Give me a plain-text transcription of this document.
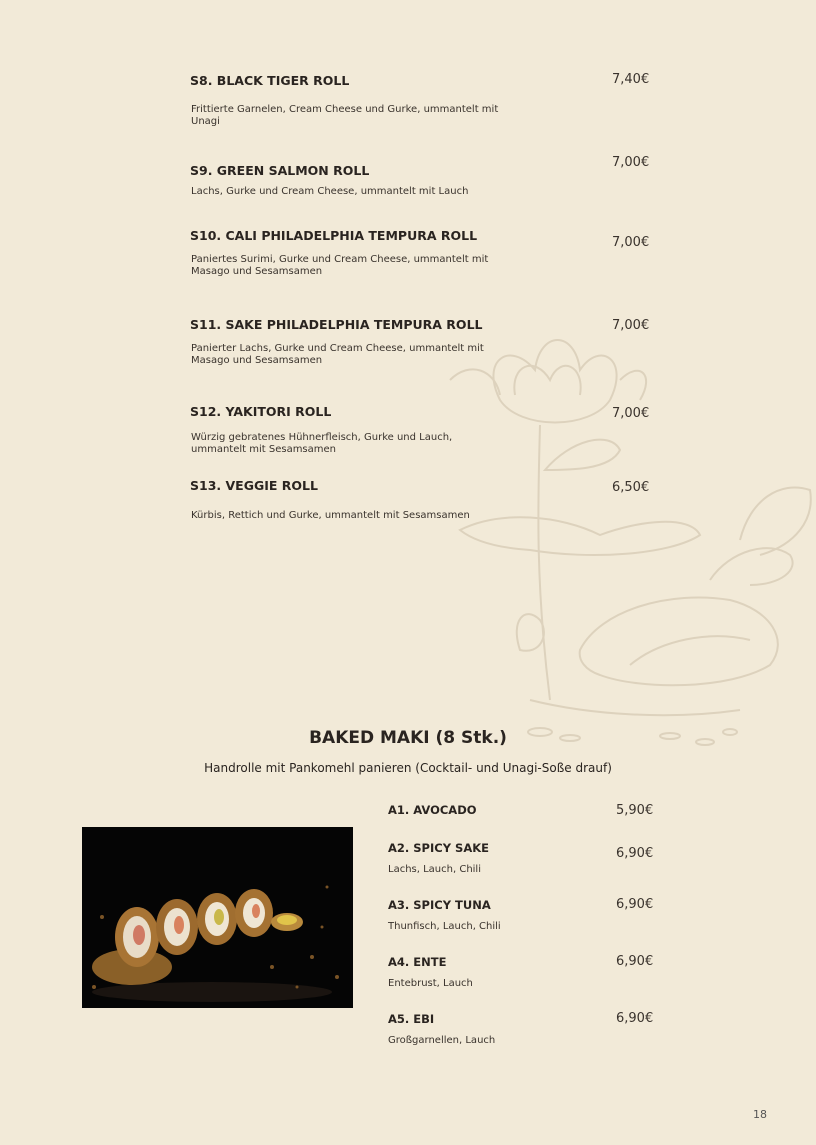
S8. BLACK TIGER ROLL
Frittierte Garnelen, Cream Cheese und Gurke, ummantelt mit Unagi
7,40€
S9. GREEN SALMON ROLL
Lachs, Gurke und Cream Cheese, ummantelt mit Lauch
7,00€
S10. CALI PHILADELPHIA TEMPURA ROLL
Paniertes Surimi, Gurke und Cream Cheese, ummantelt mit Masago und Sesamsamen
7,00€
S11. SAKE PHILADELPHIA TEMPURA ROLL
Panierter Lachs, Gurke und Cream Cheese, ummantelt mit Masago und Sesamsamen
7,00€
S12. YAKITORI ROLL
Würzig gebratenes Hühnerfleisch, Gurke und Lauch, ummantelt mit Sesamsamen
7,00€
S13. VEGGIE ROLL
Kürbis, Rettich und Gurke, ummantelt mit Sesamsamen
6,50€
BAKED MAKI (8 Stk.)
Handrolle mit Pankomehl panieren (Cocktail- und Unagi-Soße drauf)
A1. AVOCADO	5,90€
A2. SPICY SAKE
Lachs, Lauch, Chili
6,90€
A3. SPICY TUNA
Thunfisch, Lauch, Chili
6,90€
A4. ENTE
Entebrust, Lauch
6,90€
A5. EBI
Großgarnellen, Lauch
6,90€
18
